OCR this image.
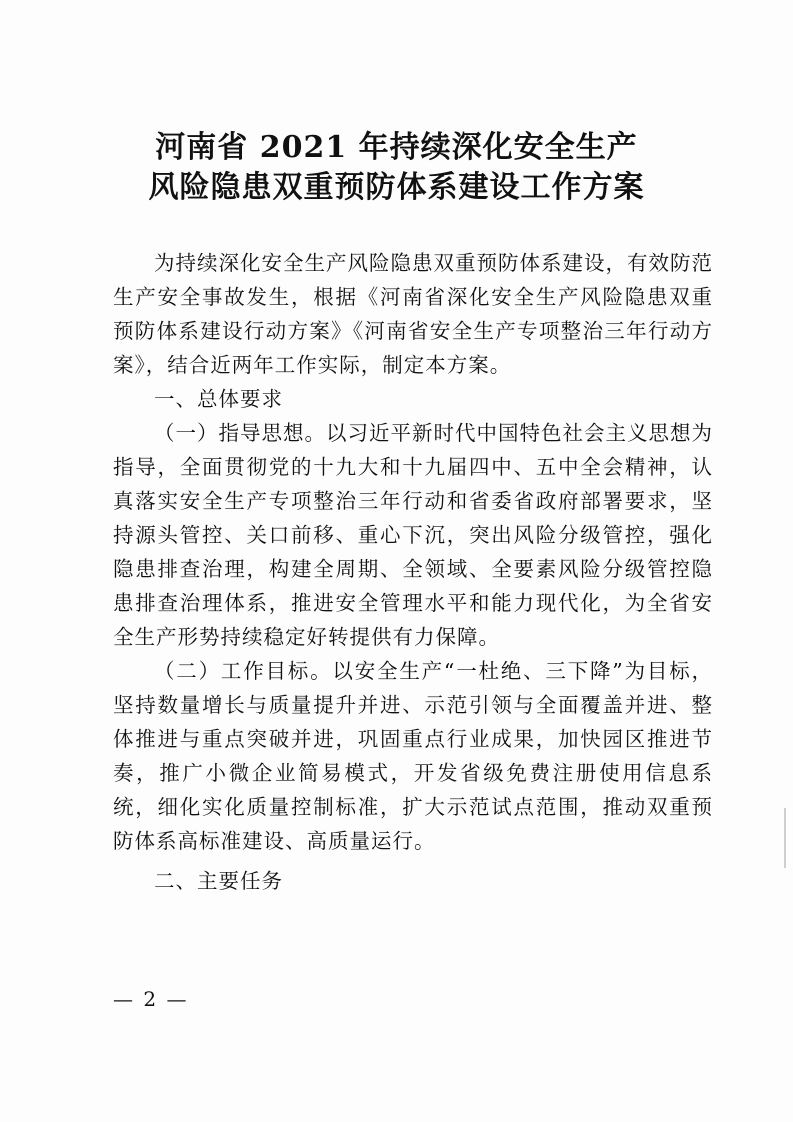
河南省 2021 年持续深化安全生产
风险隐患双重预防体系建设工作方案

为持续深化安全生产风险隐患双重预防体系建设，有效防范生产安全事故发生，根据《河南省深化安全生产风险隐患双重预防体系建设行动方案》《河南省安全生产专项整治三年行动方案》，结合近两年工作实际，制定本方案。

一、总体要求

（一）指导思想。以习近平新时代中国特色社会主义思想为指导，全面贯彻党的十九大和十九届四中、五中全会精神，认真落实安全生产专项整治三年行动和省委省政府部署要求，坚持源头管控、关口前移、重心下沉，突出风险分级管控，强化隐患排查治理，构建全周期、全领域、全要素风险分级管控隐患排查治理体系，推进安全管理水平和能力现代化，为全省安全生产形势持续稳定好转提供有力保障。

（二）工作目标。以安全生产“一杜绝、三下降”为目标，坚持数量增长与质量提升并进、示范引领与全面覆盖并进、整体推进与重点突破并进，巩固重点行业成果，加快园区推进节奏，推广小微企业简易模式，开发省级免费注册使用信息系统，细化实化质量控制标准，扩大示范试点范围，推动双重预防体系高标准建设、高质量运行。

二、主要任务

— 2 —
